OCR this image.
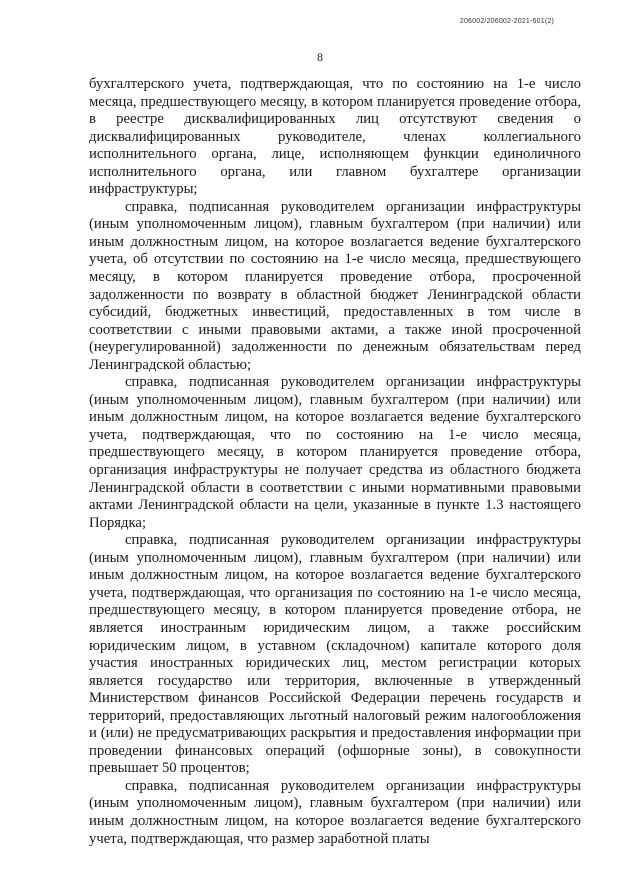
206002/206002-2021-601(2)
8

бухгалтерского учета, подтверждающая, что по состоянию на 1-е число месяца, предшествующего месяцу, в котором планируется проведение отбора, в реестре дисквалифицированных лиц отсутствуют сведения о дисквалифицированных руководителе, членах коллегиального исполнительного органа, лице, исполняющем функции единоличного исполнительного органа, или главном бухгалтере организации инфраструктуры;

справка, подписанная руководителем организации инфраструктуры (иным уполномоченным лицом), главным бухгалтером (при наличии) или иным должностным лицом, на которое возлагается ведение бухгалтерского учета, об отсутствии по состоянию на 1-е число месяца, предшествующего месяцу, в котором планируется проведение отбора, просроченной задолженности по возврату в областной бюджет Ленинградской области субсидий, бюджетных инвестиций, предоставленных в том числе в соответствии с иными правовыми актами, а также иной просроченной (неурегулированной) задолженности по денежным обязательствам перед Ленинградской областью;

справка, подписанная руководителем организации инфраструктуры (иным уполномоченным лицом), главным бухгалтером (при наличии) или иным должностным лицом, на которое возлагается ведение бухгалтерского учета, подтверждающая, что по состоянию на 1-е число месяца, предшествующего месяцу, в котором планируется проведение отбора, организация инфраструктуры не получает средства из областного бюджета Ленинградской области в соответствии с иными нормативными правовыми актами Ленинградской области на цели, указанные в пункте 1.3 настоящего Порядка;

справка, подписанная руководителем организации инфраструктуры (иным уполномоченным лицом), главным бухгалтером (при наличии) или иным должностным лицом, на которое возлагается ведение бухгалтерского учета, подтверждающая, что организация по состоянию на 1-е число месяца, предшествующего месяцу, в котором планируется проведение отбора, не является иностранным юридическим лицом, а также российским юридическим лицом, в уставном (складочном) капитале которого доля участия иностранных юридических лиц, местом регистрации которых является государство или территория, включенные в утвержденный Министерством финансов Российской Федерации перечень государств и территорий, предоставляющих льготный налоговый режим налогообложения и (или) не предусматривающих раскрытия и предоставления информации при проведении финансовых операций (офшорные зоны), в совокупности превышает 50 процентов;

справка, подписанная руководителем организации инфраструктуры (иным уполномоченным лицом), главным бухгалтером (при наличии) или иным должностным лицом, на которое возлагается ведение бухгалтерского учета, подтверждающая, что размер заработной платы
